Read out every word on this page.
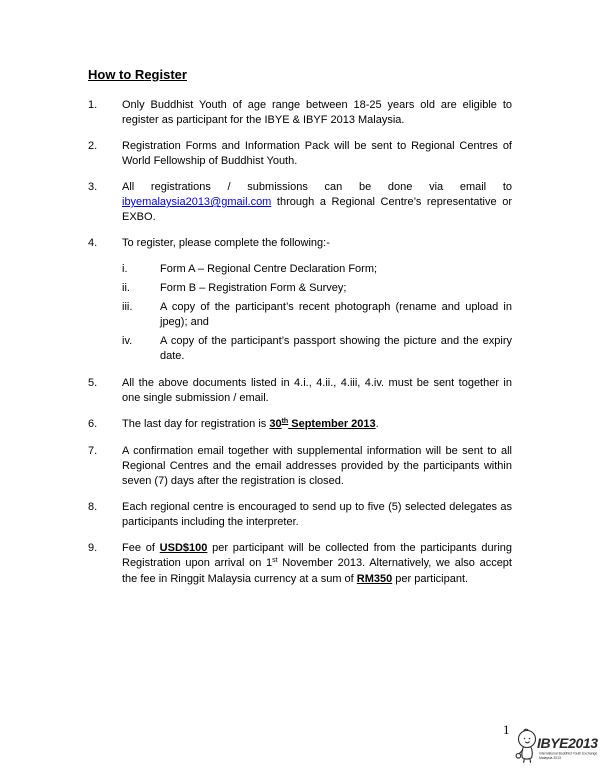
How to Register
1.	Only Buddhist Youth of age range between 18-25 years old are eligible to register as participant for the IBYE & IBYF 2013 Malaysia.

2.	Registration Forms and Information Pack will be sent to Regional Centres of World Fellowship of Buddhist Youth.

3.	All registrations / submissions can be done via email to ibyemalaysia2013@gmail.com through a Regional Centre’s representative or EXBO.

4.	To register, please complete the following:-

i.	Form A – Regional Centre Declaration Form;

ii.	Form B – Registration Form & Survey;

iii.	A copy of the participant’s recent photograph (rename and upload in jpeg); and

iv.	A copy of the participant’s passport showing the picture and the expiry date.

5.	All the above documents listed in 4.i., 4.ii., 4.iii, 4.iv. must be sent together in one single submission / email.

6.	The last day for registration is 30th September 2013.

7.	A confirmation email together with supplemental information will be sent to all Regional Centres and the email addresses provided by the participants within seven (7) days after the registration is closed.

8.	Each regional centre is encouraged to send up to five (5) selected delegates as participants including the interpreter.

9.	Fee of USD$100 per participant will be collected from the participants during Registration upon arrival on 1st November 2013. Alternatively, we also accept the fee in Ringgit Malaysia currency at a sum of RM350 per participant.

1
IBYE2013
International Buddhist Youth Exchange
Malaysia 2013
